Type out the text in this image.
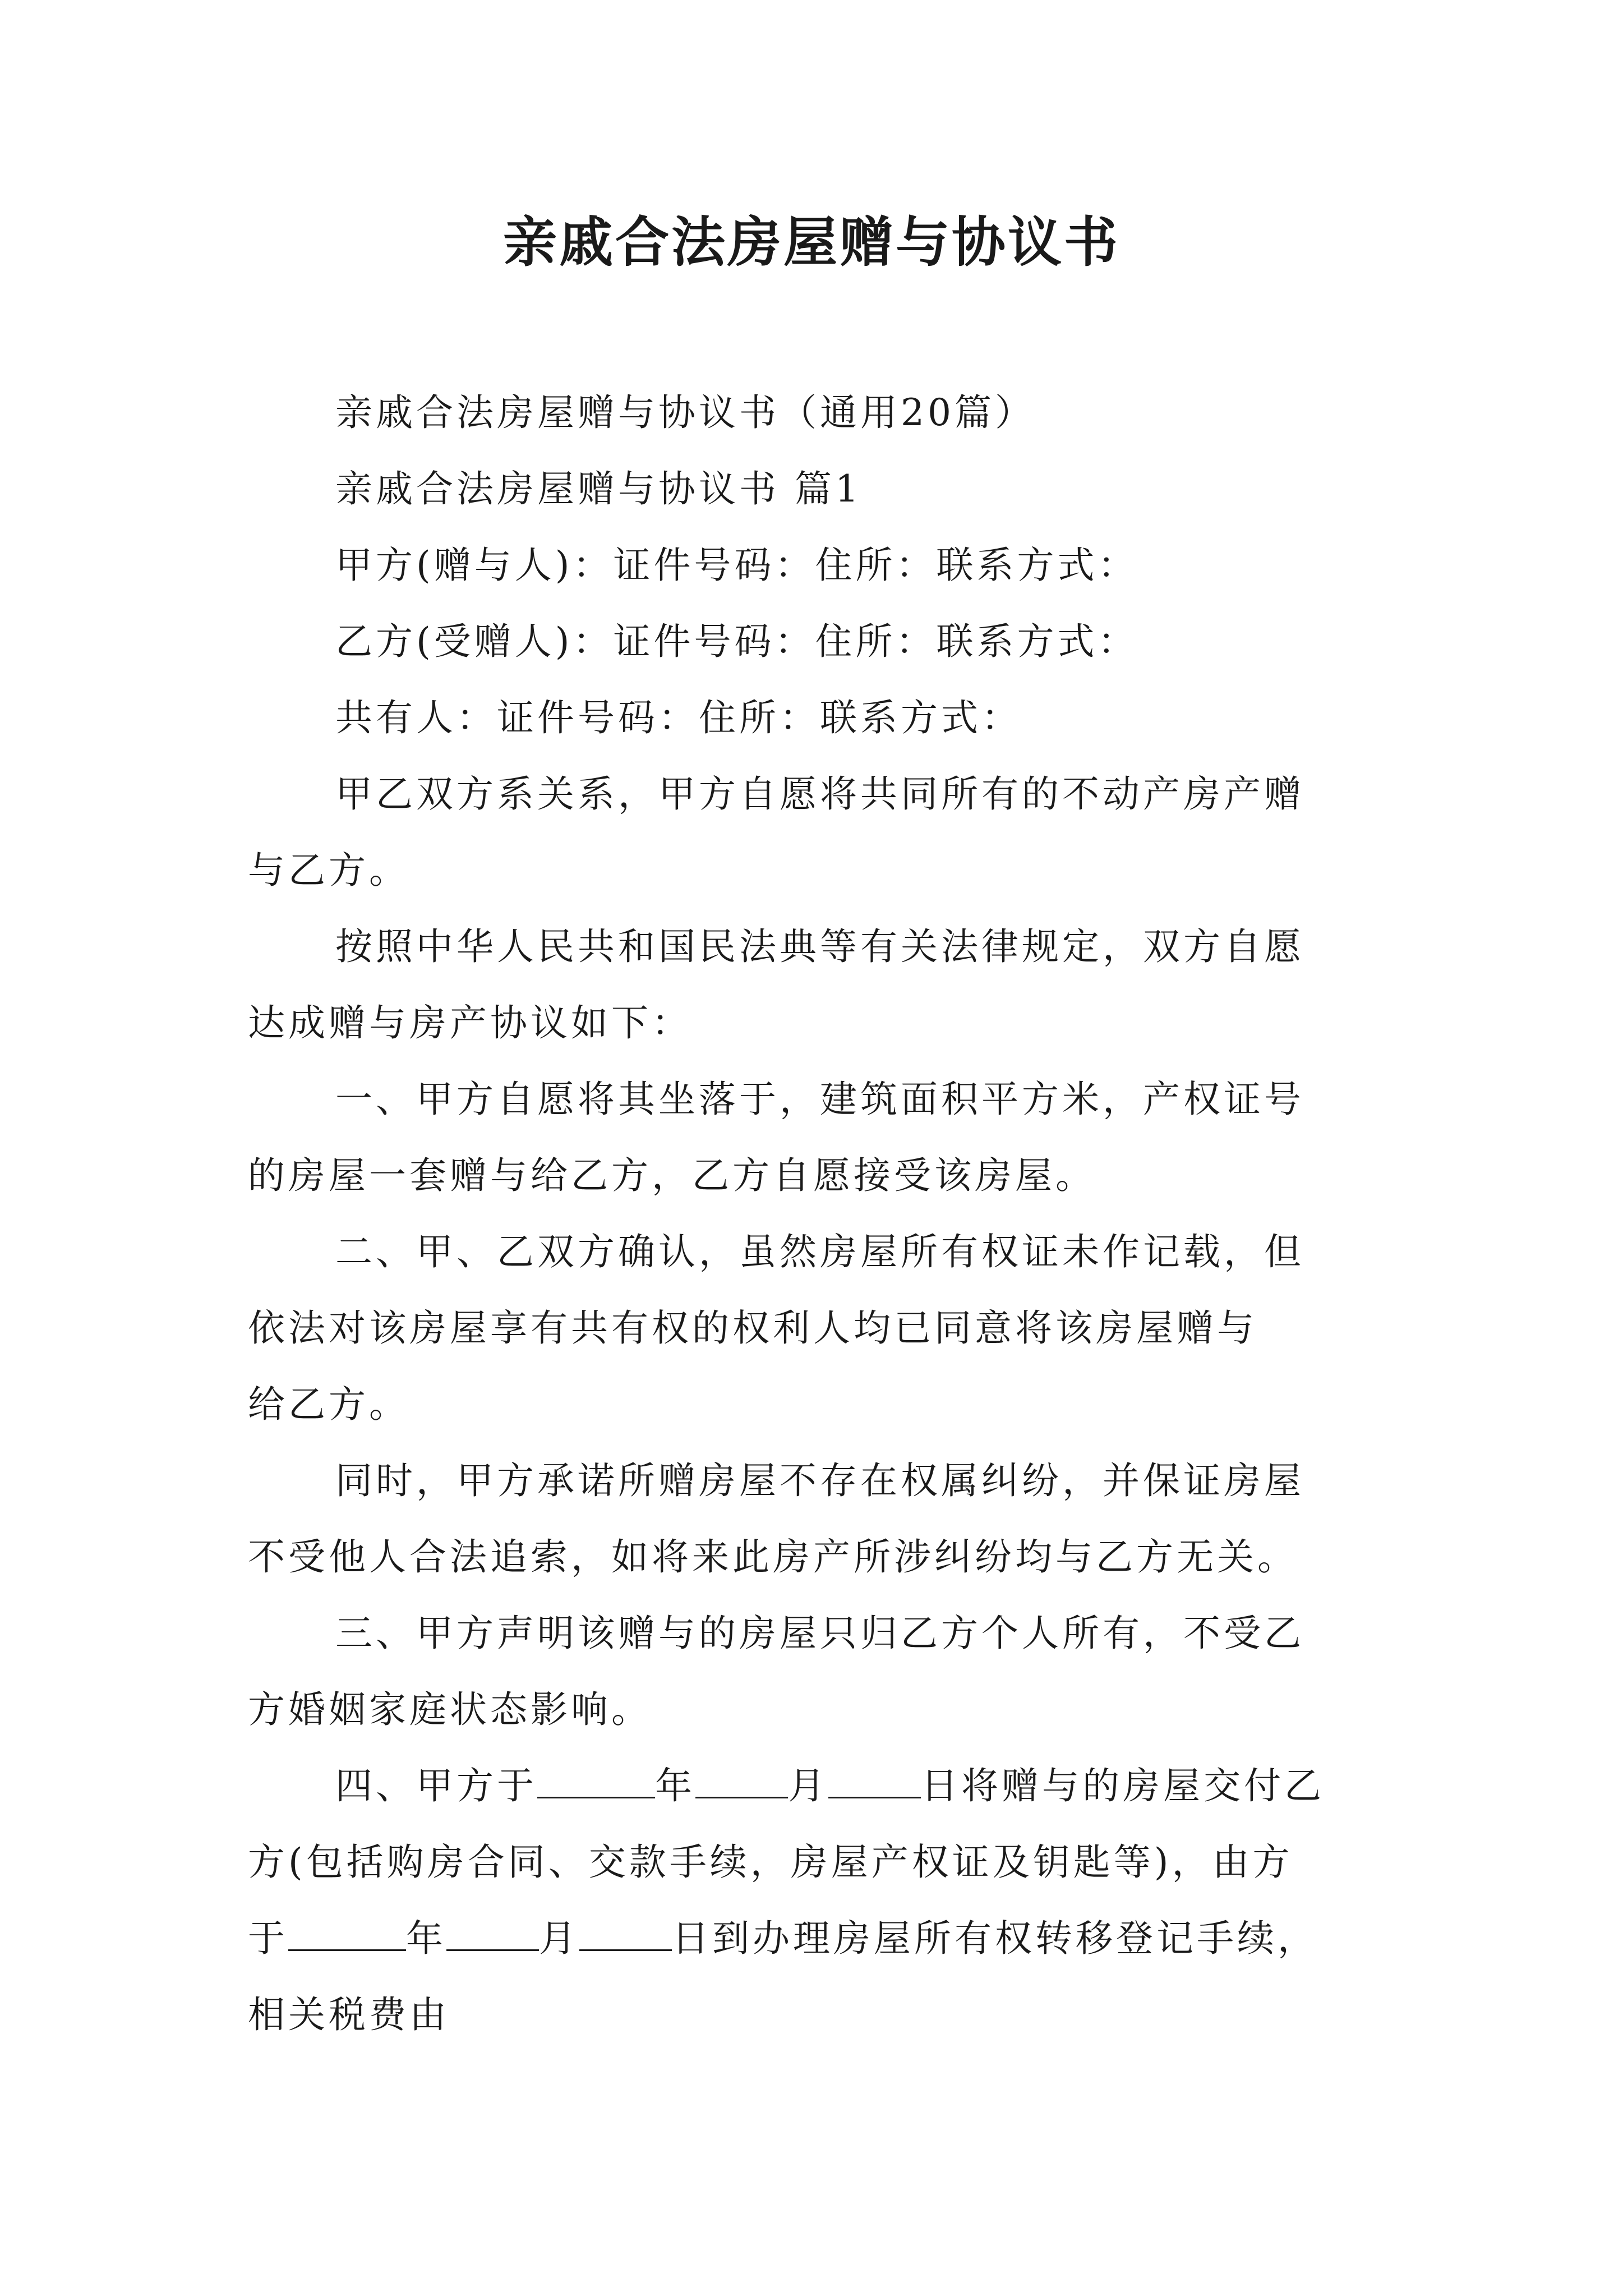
亲戚合法房屋赠与协议书
亲戚合法房屋赠与协议书（通用20篇）
亲戚合法房屋赠与协议书 篇1
甲方(赠与人)：证件号码：住所：联系方式：
乙方(受赠人)：证件号码：住所：联系方式：
共有人：证件号码：住所：联系方式：
甲乙双方系关系，甲方自愿将共同所有的不动产房产赠
与乙方。
按照中华人民共和国民法典等有关法律规定，双方自愿
达成赠与房产协议如下：
一、甲方自愿将其坐落于，建筑面积平方米，产权证号
的房屋一套赠与给乙方，乙方自愿接受该房屋。
二、甲、乙双方确认，虽然房屋所有权证未作记载，但
依法对该房屋享有共有权的权利人均已同意将该房屋赠与
给乙方。
同时，甲方承诺所赠房屋不存在权属纠纷，并保证房屋
不受他人合法追索，如将来此房产所涉纠纷均与乙方无关。
三、甲方声明该赠与的房屋只归乙方个人所有，不受乙
方婚姻家庭状态影响。
四、甲方于	年	月	日将赠与的房屋交付乙
方(包括购房合同、交款手续，房屋产权证及钥匙等)，由方
于	年	月	日到办理房屋所有权转移登记手续，
相关税费由
